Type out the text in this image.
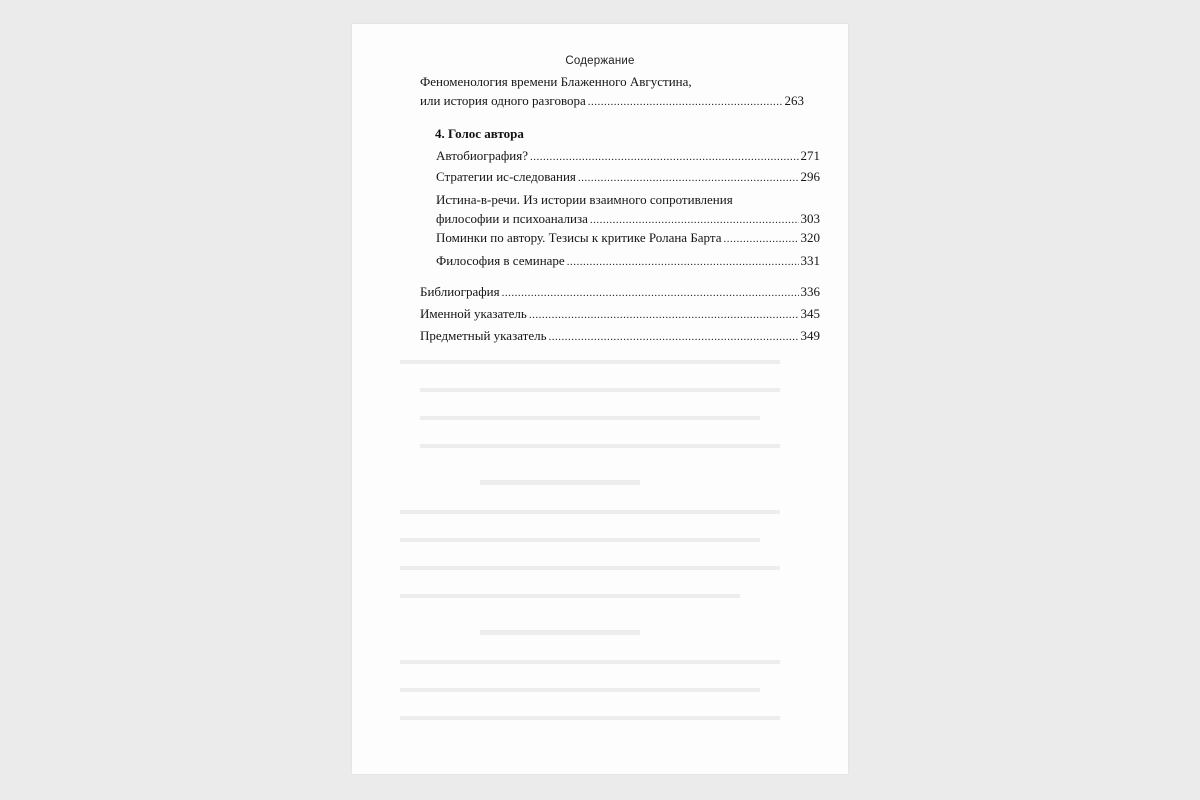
Содержание
Феноменология времени Блаженного Августина,
или история одного разговора .....	263
4. Голос автора
Автобиография? .....	271
Стратегии ис-следования .....	296
Истина-в-речи. Из истории взаимного сопротивления
философии и психоанализа .....	303
Поминки по автору. Тезисы к критике Ролана Барта .....	320
Философия в семинаре .....	331
Библиография .....	336
Именной указатель .....	345
Предметный указатель .....	349
